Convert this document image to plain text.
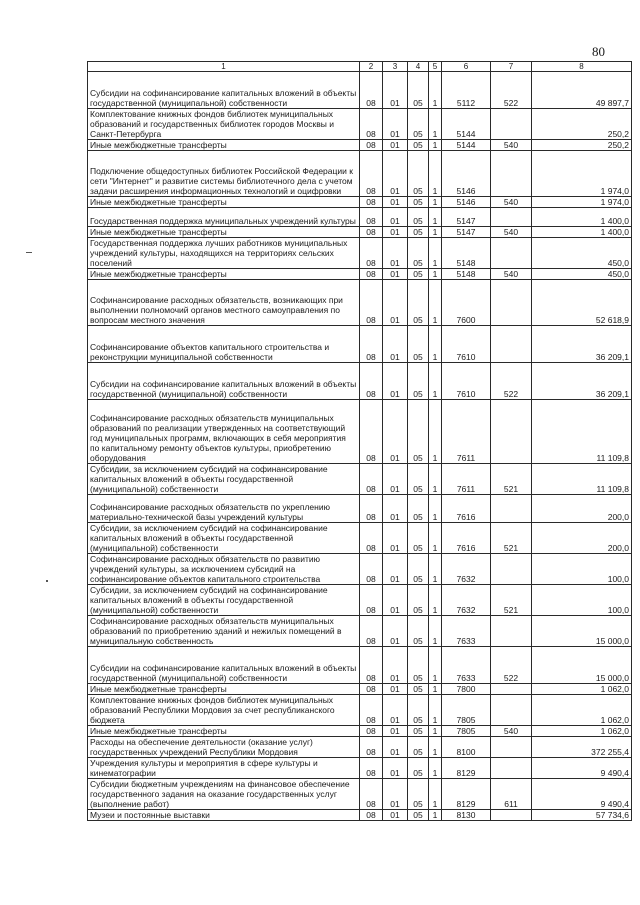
80
1	2	3	4	5	6	7	8
Субсидии на софинансирование капитальных вложений в объекты государственной (муниципальной) собственности	08	01	05	1	5112	522	49 897,7
Комплектование книжных фондов библиотек муниципальных образований и государственных библиотек городов Москвы и Санкт-Петербурга	08	01	05	1	5144		250,2
Иные межбюджетные трансферты	08	01	05	1	5144	540	250,2
Подключение общедоступных библиотек Российской Федерации к сети "Интернет" и развитие системы библиотечного дела с учетом задачи расширения информационных технологий и оцифровки	08	01	05	1	5146		1 974,0
Иные межбюджетные трансферты	08	01	05	1	5146	540	1 974,0
Государственная поддержка муниципальных учреждений культуры	08	01	05	1	5147		1 400,0
Иные межбюджетные трансферты	08	01	05	1	5147	540	1 400,0
Государственная поддержка лучших работников муниципальных учреждений культуры, находящихся на территориях сельских поселений	08	01	05	1	5148		450,0
Иные межбюджетные трансферты	08	01	05	1	5148	540	450,0
Софинансирование расходных обязательств, возникающих при выполнении полномочий органов местного самоуправления по вопросам местного значения	08	01	05	1	7600		52 618,9
Софинансирование объектов капитального строительства и реконструкции муниципальной собственности	08	01	05	1	7610		36 209,1
Субсидии на софинансирование капитальных вложений в объекты государственной (муниципальной) собственности	08	01	05	1	7610	522	36 209,1
Софинансирование расходных обязательств муниципальных образований по реализации утвержденных на соответствующий год муниципальных программ, включающих в себя мероприятия по капитальному ремонту объектов культуры, приобретению оборудования	08	01	05	1	7611		11 109,8
Субсидии, за исключением субсидий на софинансирование капитальных вложений в объекты государственной (муниципальной) собственности	08	01	05	1	7611	521	11 109,8
Софинансирование расходных обязательств по укреплению материально-технической базы учреждений культуры	08	01	05	1	7616		200,0
Субсидии, за исключением субсидий на софинансирование капитальных вложений в объекты государственной (муниципальной) собственности	08	01	05	1	7616	521	200,0
Софинансирование расходных обязательств по развитию учреждений культуры, за исключением субсидий на софинансирование объектов капитального строительства	08	01	05	1	7632		100,0
Субсидии, за исключением субсидий на софинансирование капитальных вложений в объекты государственной (муниципальной) собственности	08	01	05	1	7632	521	100,0
Софинансирование расходных обязательств муниципальных образований по приобретению зданий и нежилых помещений в муниципальную собственность	08	01	05	1	7633		15 000,0
Субсидии на софинансирование капитальных вложений в объекты государственной (муниципальной) собственности	08	01	05	1	7633	522	15 000,0
Иные межбюджетные трансферты	08	01	05	1	7800		1 062,0
Комплектование книжных фондов библиотек муниципальных образований Республики Мордовия за счет республиканского бюджета	08	01	05	1	7805		1 062,0
Иные межбюджетные трансферты	08	01	05	1	7805	540	1 062,0
Расходы на обеспечение деятельности (оказание услуг) государственных учреждений Республики Мордовия	08	01	05	1	8100		372 255,4
Учреждения культуры и мероприятия в сфере культуры и кинематографии	08	01	05	1	8129		9 490,4
Субсидии бюджетным учреждениям на финансовое обеспечение государственного задания на оказание государственных услуг (выполнение работ)	08	01	05	1	8129	611	9 490,4
Музеи и постоянные выставки	08	01	05	1	8130		57 734,6
